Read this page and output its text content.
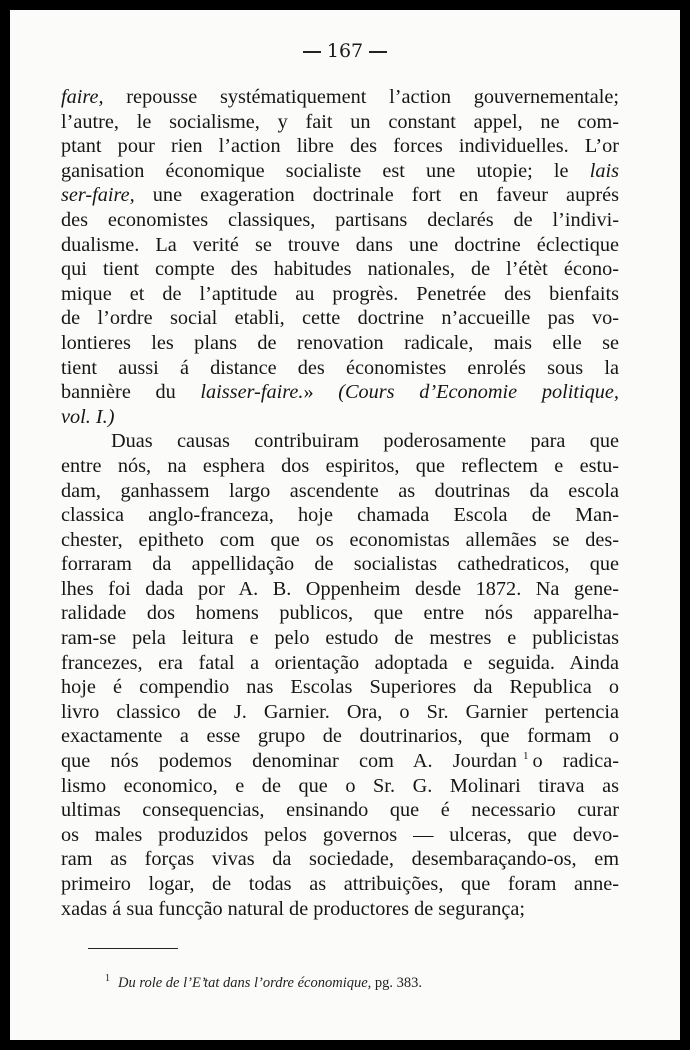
167
faire, repousse systématiquement l’action gouvernementale;
l’autre, le socialisme, y fait un constant appel, ne com-
ptant pour rien l’action libre des forces individuelles. L’or
ganisation économique socialiste est une utopie; le lais
ser-faire, une exageration doctrinale fort en faveur auprés
des economistes classiques, partisans declarés de l’indivi-
dualisme. La verité se trouve dans une doctrine éclectique
qui tient compte des habitudes nationales, de l’étèt écono-
mique et de l’aptitude au progrès. Penetrée des bienfaits
de l’ordre social etabli, cette doctrine n’accueille pas vo-
lontieres les plans de renovation radicale, mais elle se
tient aussi á distance des économistes enrolés sous la
bannière du laisser-faire.» (Cours d’Economie politique,
vol. I.)
Duas causas contribuiram poderosamente para que
entre nós, na esphera dos espiritos, que reflectem e estu-
dam, ganhassem largo ascendente as doutrinas da escola
classica anglo-franceza, hoje chamada Escola de Man-
chester, epitheto com que os economistas allemães se des-
forraram da appellidação de socialistas cathedraticos, que
lhes foi dada por A. B. Oppenheim desde 1872. Na gene-
ralidade dos homens publicos, que entre nós apparelha-
ram-se pela leitura e pelo estudo de mestres e publicistas
francezes, era fatal a orientação adoptada e seguida. Ainda
hoje é compendio nas Escolas Superiores da Republica o
livro classico de J. Garnier. Ora, o Sr. Garnier pertencia
exactamente a esse grupo de doutrinarios, que formam o
que nós podemos denominar com A. Jourdan $^1$ o radica-
lismo economico, e de que o Sr. G. Molinari tirava as
ultimas consequencias, ensinando que é necessario curar
os males produzidos pelos governos — ulceras, que devo-
ram as forças vivas da sociedade, desembaraçando-os, em
primeiro logar, de todas as attribuições, que foram anne-
xadas á sua funcção natural de productores de segurança;
$^1$ Du role de l’E’tat dans l’ordre économique, pg. 383.
